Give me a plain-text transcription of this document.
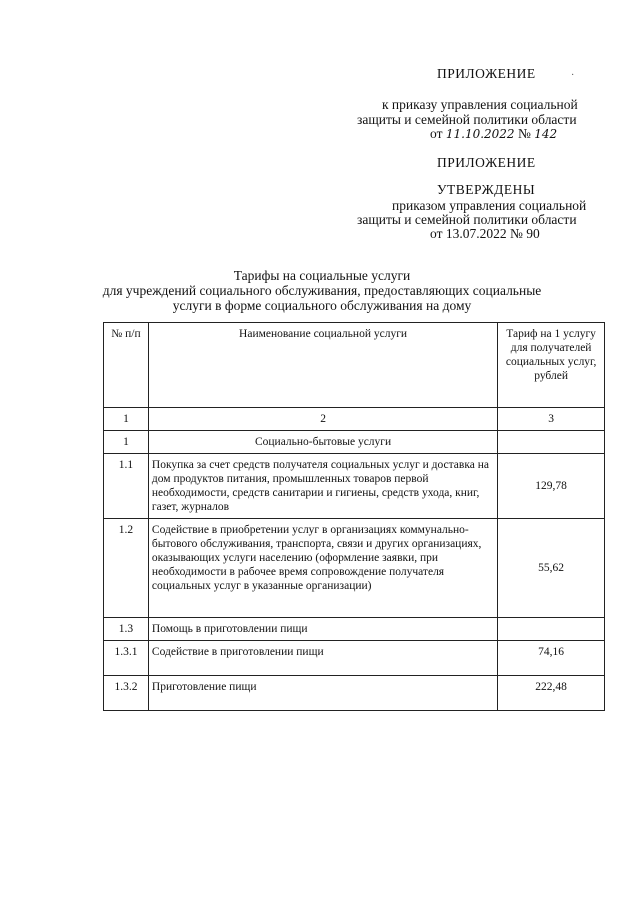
ПРИЛОЖЕНИЕ	·
к приказу управления социальной
защиты и семейной политики области
от 11.10.2022 № 142
ПРИЛОЖЕНИЕ
УТВЕРЖДЕНЫ
приказом управления социальной
защиты и семейной политики области
от 13.07.2022 № 90
Тарифы на социальные услуги
для учреждений социального обслуживания, предоставляющих социальные
услуги в форме социального обслуживания на дому
№ п/п	Наименование социальной услуги	Тариф на 1 услугу для получателей социальных услуг, рублей
1	2	3
1	Социально-бытовые услуги	
1.1	Покупка за счет средств получателя социальных услуг и доставка на дом продуктов питания, промышленных товаров первой необходимости, средств санитарии и гигиены, средств ухода, книг, газет, журналов	129,78
1.2	Содействие в приобретении услуг в организациях коммунально-бытового обслуживания, транспорта, связи и других организациях, оказывающих услуги населению (оформление заявки, при необходимости в рабочее время сопровождение получателя социальных услуг в указанные организации)	55,62
1.3	Помощь в приготовлении пищи	
1.3.1	Содействие в приготовлении пищи	74,16
1.3.2	Приготовление пищи	222,48
